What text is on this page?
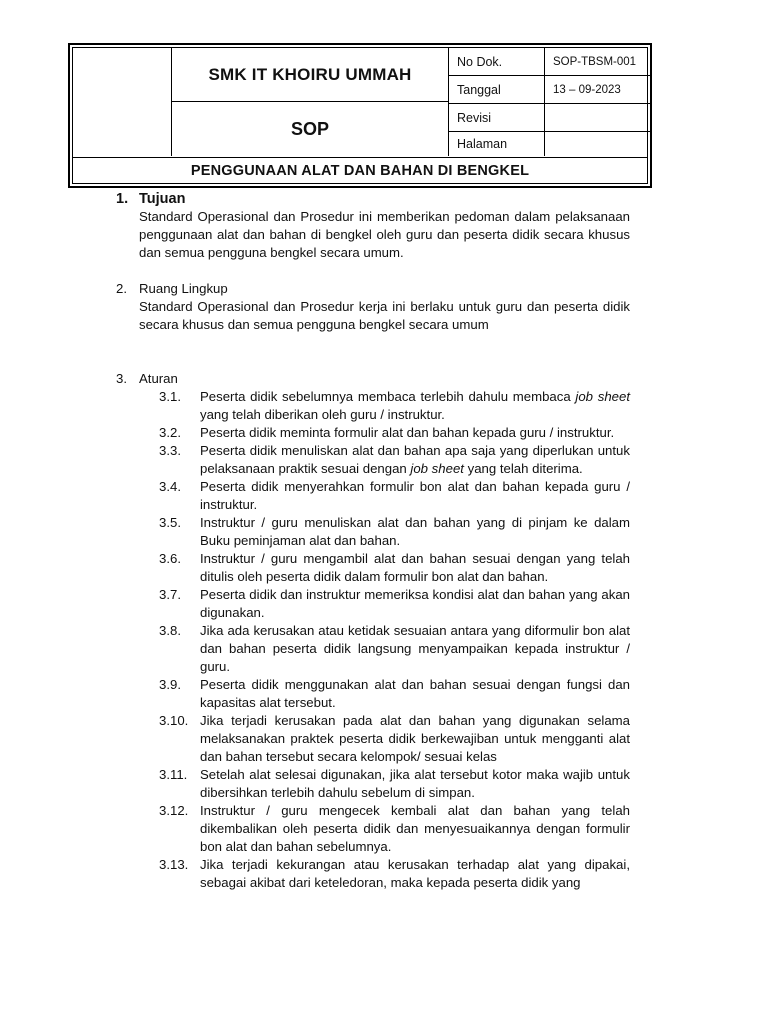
SMK IT KHOIRU UMMAH
SOP
No Dok.	SOP-TBSM-001
Tanggal	13 – 09-2023
Revisi
Halaman
PENGGUNAAN ALAT DAN BAHAN DI BENGKEL
1. Tujuan
Standard Operasional dan Prosedur ini memberikan pedoman dalam pelaksanaan penggunaan alat dan bahan di bengkel oleh guru dan peserta didik secara khusus dan semua pengguna bengkel secara umum.
2. Ruang Lingkup
Standard Operasional dan Prosedur kerja ini berlaku untuk guru dan peserta didik secara khusus dan semua pengguna bengkel secara umum
3. Aturan
3.1. Peserta didik sebelumnya membaca terlebih dahulu membaca job sheet yang telah diberikan oleh guru / instruktur.
3.2. Peserta didik meminta formulir alat dan bahan kepada guru / instruktur.
3.3. Peserta didik menuliskan alat dan bahan apa saja yang diperlukan untuk pelaksanaan praktik sesuai dengan job sheet yang telah diterima.
3.4. Peserta didik menyerahkan formulir bon alat dan bahan kepada guru / instruktur.
3.5. Instruktur / guru menuliskan alat dan bahan yang di pinjam ke dalam Buku peminjaman alat dan bahan.
3.6. Instruktur / guru mengambil alat dan bahan sesuai dengan yang telah ditulis oleh peserta didik dalam formulir bon alat dan bahan.
3.7. Peserta didik dan instruktur memeriksa kondisi alat dan bahan yang akan digunakan.
3.8. Jika ada kerusakan atau ketidak sesuaian antara yang diformulir bon alat dan bahan peserta didik langsung menyampaikan kepada instruktur / guru.
3.9. Peserta didik menggunakan alat dan bahan sesuai dengan fungsi dan kapasitas alat tersebut.
3.10. Jika terjadi kerusakan pada alat dan bahan yang digunakan selama melaksanakan praktek peserta didik berkewajiban untuk mengganti alat dan bahan tersebut secara kelompok/ sesuai kelas
3.11. Setelah alat selesai digunakan, jika alat tersebut kotor maka wajib untuk dibersihkan terlebih dahulu sebelum di simpan.
3.12. Instruktur / guru mengecek kembali alat dan bahan yang telah dikembalikan oleh peserta didik dan menyesuaikannya dengan formulir bon alat dan bahan sebelumnya.
3.13. Jika terjadi kekurangan atau kerusakan terhadap alat yang dipakai, sebagai akibat dari keteledoran, maka kepada peserta didik yang
